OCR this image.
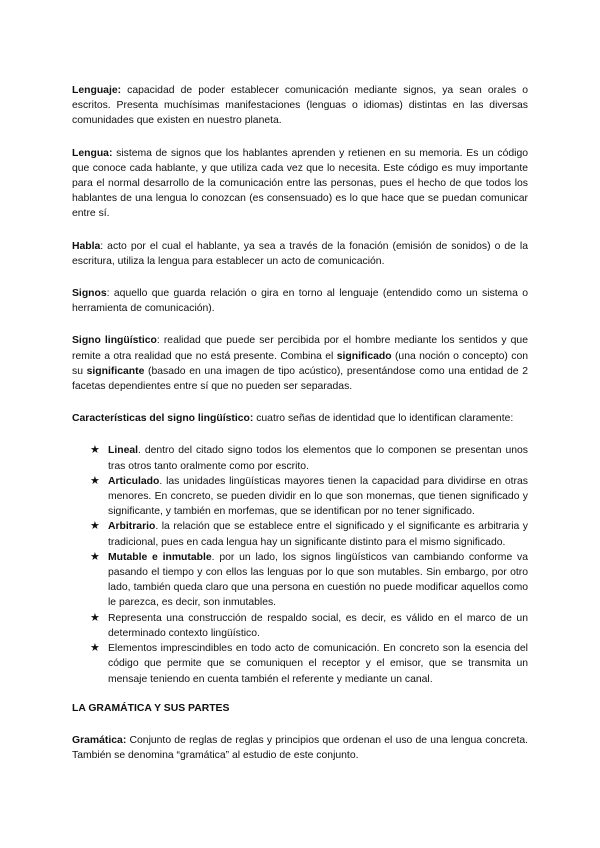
Lenguaje: capacidad de poder establecer comunicación mediante signos, ya sean orales o escritos. Presenta muchísimas manifestaciones (lenguas o idiomas) distintas en las diversas comunidades que existen en nuestro planeta.

Lengua: sistema de signos que los hablantes aprenden y retienen en su memoria. Es un código que conoce cada hablante, y que utiliza cada vez que lo necesita. Este código es muy importante para el normal desarrollo de la comunicación entre las personas, pues el hecho de que todos los hablantes de una lengua lo conozcan (es consensuado) es lo que hace que se puedan comunicar entre sí.

Habla: acto por el cual el hablante, ya sea a través de la fonación (emisión de sonidos) o de la escritura, utiliza la lengua para establecer un acto de comunicación.

Signos: aquello que guarda relación o gira en torno al lenguaje (entendido como un sistema o herramienta de comunicación).

Signo lingüístico: realidad que puede ser percibida por el hombre mediante los sentidos y que remite a otra realidad que no está presente. Combina el significado (una noción o concepto) con su significante (basado en una imagen de tipo acústico), presentándose como una entidad de 2 facetas dependientes entre sí que no pueden ser separadas.

Características del signo lingüístico: cuatro señas de identidad que lo identifican claramente:

★ Lineal. dentro del citado signo todos los elementos que lo componen se presentan unos tras otros tanto oralmente como por escrito.
★ Articulado. las unidades lingüísticas mayores tienen la capacidad para dividirse en otras menores. En concreto, se pueden dividir en lo que son monemas, que tienen significado y significante, y también en morfemas, que se identifican por no tener significado.
★ Arbitrario. la relación que se establece entre el significado y el significante es arbitraria y tradicional, pues en cada lengua hay un significante distinto para el mismo significado.
★ Mutable e inmutable. por un lado, los signos lingüísticos van cambiando conforme va pasando el tiempo y con ellos las lenguas por lo que son mutables. Sin embargo, por otro lado, también queda claro que una persona en cuestión no puede modificar aquellos como le parezca, es decir, son inmutables.
★ Representa una construcción de respaldo social, es decir, es válido en el marco de un determinado contexto lingüístico.
★ Elementos imprescindibles en todo acto de comunicación. En concreto son la esencia del código que permite que se comuniquen el receptor y el emisor, que se transmita un mensaje teniendo en cuenta también el referente y mediante un canal.
LA GRAMÁTICA Y SUS PARTES

Gramática: Conjunto de reglas de reglas y principios que ordenan el uso de una lengua concreta. También se denomina “gramática” al estudio de este conjunto.
